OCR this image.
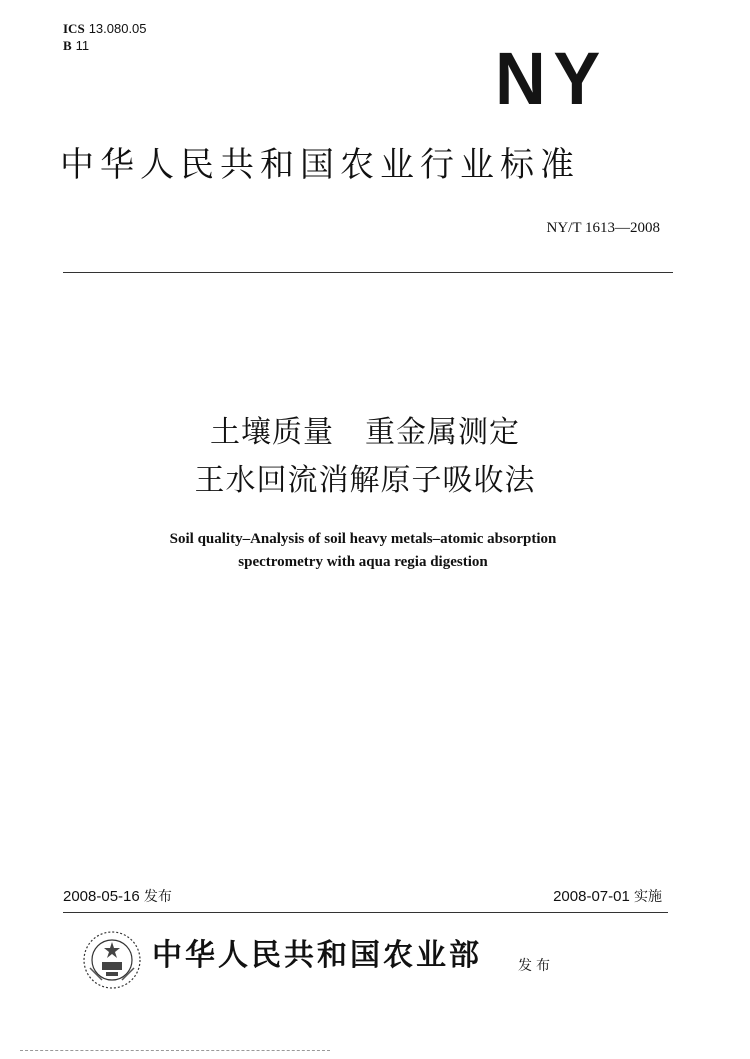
ICS 13.080.05
B 11	NY
中华人民共和国农业行业标准
NY/T 1613—2008
土壤质量　重金属测定
王水回流消解原子吸收法
Soil quality–Analysis of soil heavy metals–atomic absorption
spectrometry with aqua regia digestion
2008-05-16 发布	2008-07-01 实施
中华人民共和国农业部	发布
